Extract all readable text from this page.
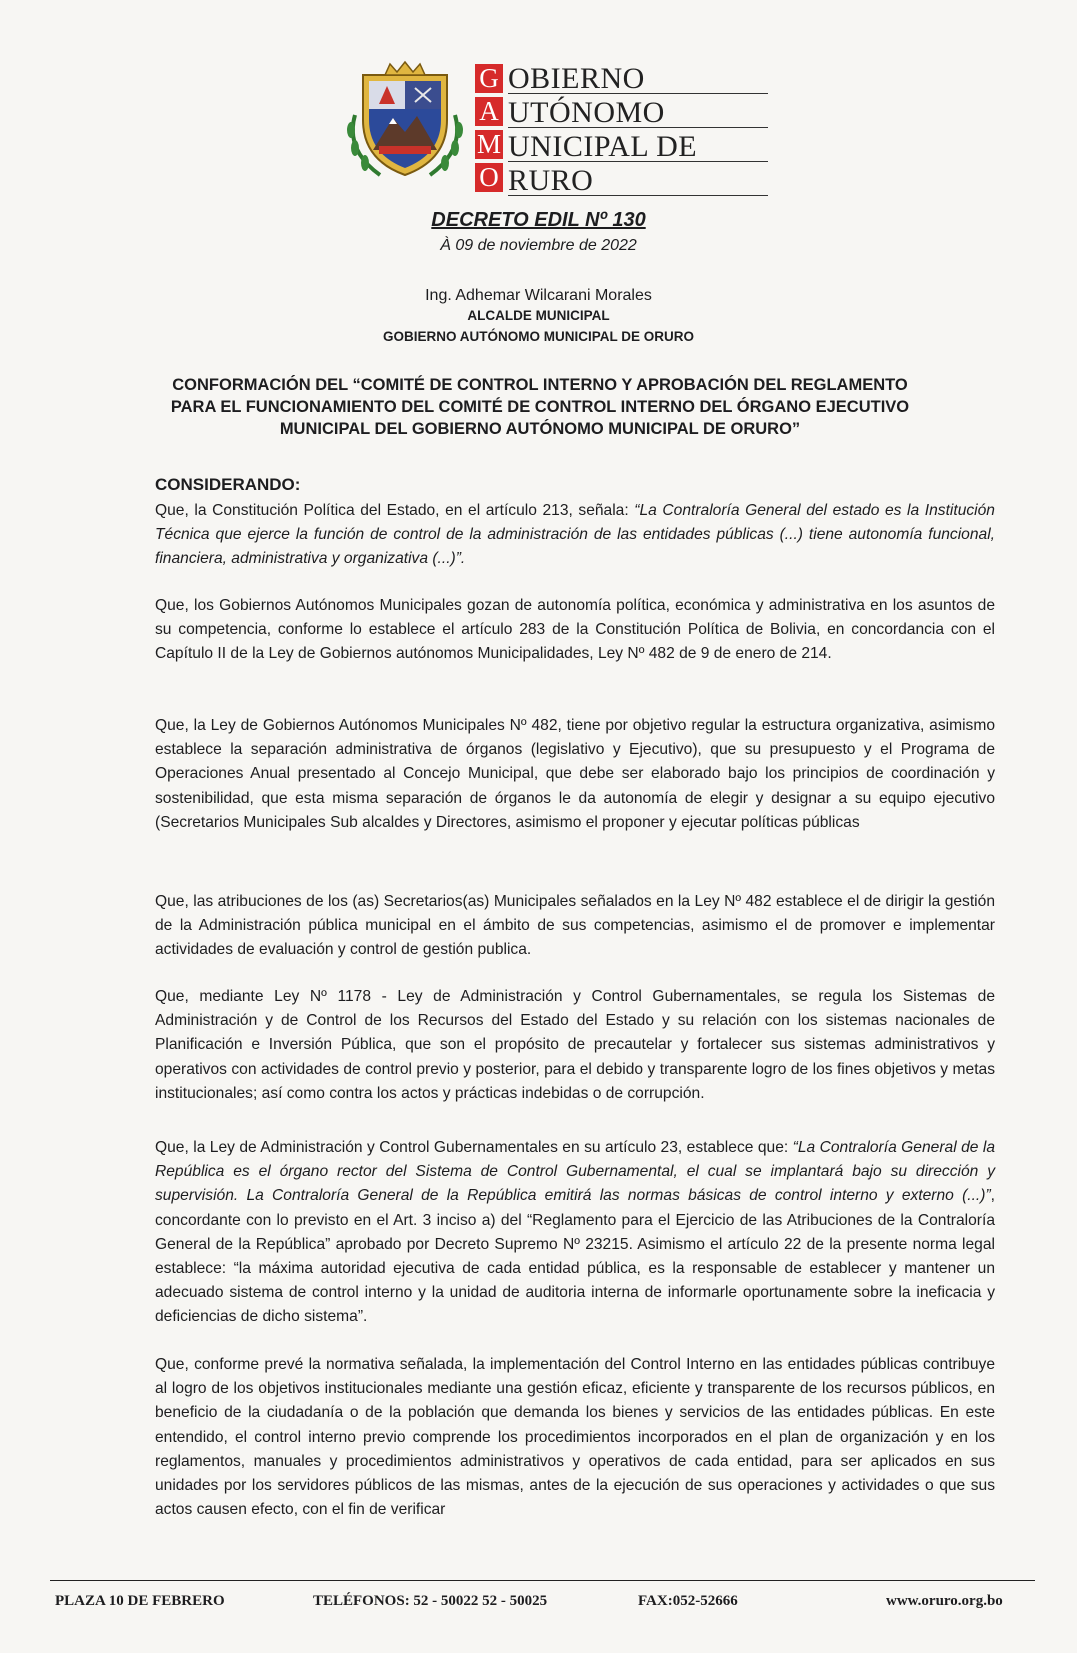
G
A
M
O
OBIERNO
UTÓNOMO
UNICIPAL DE
RURO
DECRETO EDIL Nº 130
À 09 de noviembre de 2022
Ing. Adhemar Wilcarani Morales
ALCALDE MUNICIPAL
GOBIERNO AUTÓNOMO MUNICIPAL DE ORURO
CONFORMACIÓN DEL “COMITÉ DE CONTROL INTERNO Y APROBACIÓN DEL REGLAMENTO
PARA EL FUNCIONAMIENTO DEL COMITÉ DE CONTROL INTERNO DEL ÓRGANO EJECUTIVO
MUNICIPAL DEL GOBIERNO AUTÓNOMO MUNICIPAL DE ORURO”
CONSIDERANDO:
Que, la Constitución Política del Estado, en el artículo 213, señala: “La Contraloría General del estado es la Institución Técnica que ejerce la función de control de la administración de las entidades públicas (...) tiene autonomía funcional, financiera, administrativa y organizativa (...)”.
Que, los Gobiernos Autónomos Municipales gozan de autonomía política, económica y administrativa en los asuntos de su competencia, conforme lo establece el artículo 283 de la Constitución Política de Bolivia, en concordancia con el Capítulo II de la Ley de Gobiernos autónomos Municipalidades, Ley Nº 482 de 9 de enero de 214.
Que, la Ley de Gobiernos Autónomos Municipales Nº 482, tiene por objetivo regular la estructura organizativa, asimismo establece la separación administrativa de órganos (legislativo y Ejecutivo), que su presupuesto y el Programa de Operaciones Anual presentado al Concejo Municipal, que debe ser elaborado bajo los principios de coordinación y sostenibilidad, que esta misma separación de órganos le da autonomía de elegir y designar a su equipo ejecutivo (Secretarios Municipales Sub alcaldes y Directores, asimismo el proponer y ejecutar políticas públicas
Que, las atribuciones de los (as) Secretarios(as) Municipales señalados en la Ley Nº 482 establece el de dirigir la gestión de la Administración pública municipal en el ámbito de sus competencias, asimismo el de promover e implementar actividades de evaluación y control de gestión publica.
Que, mediante Ley Nº 1178 - Ley de Administración y Control Gubernamentales, se regula los Sistemas de Administración y de Control de los Recursos del Estado del Estado y su relación con los sistemas nacionales de Planificación e Inversión Pública, que son el propósito de precautelar y fortalecer sus sistemas administrativos y operativos con actividades de control previo y posterior, para el debido y transparente logro de los fines objetivos y metas institucionales; así como contra los actos y prácticas indebidas o de corrupción.
Que, la Ley de Administración y Control Gubernamentales en su artículo 23, establece que: “La Contraloría General de la República es el órgano rector del Sistema de Control Gubernamental, el cual se implantará bajo su dirección y supervisión. La Contraloría General de la República emitirá las normas básicas de control interno y externo (...)”, concordante con lo previsto en el Art. 3 inciso a) del “Reglamento para el Ejercicio de las Atribuciones de la Contraloría General de la República” aprobado por Decreto Supremo Nº 23215. Asimismo el artículo 22 de la presente norma legal establece: “la máxima autoridad ejecutiva de cada entidad pública, es la responsable de establecer y mantener un adecuado sistema de control interno y la unidad de auditoria interna de informarle oportunamente sobre la ineficacia y deficiencias de dicho sistema”.
Que, conforme prevé la normativa señalada, la implementación del Control Interno en las entidades públicas contribuye al logro de los objetivos institucionales mediante una gestión eficaz, eficiente y transparente de los recursos públicos, en beneficio de la ciudadanía o de la población que demanda los bienes y servicios de las entidades públicas. En este entendido, el control interno previo comprende los procedimientos incorporados en el plan de organización y en los reglamentos, manuales y procedimientos administrativos y operativos de cada entidad, para ser aplicados en sus unidades por los servidores públicos de las mismas, antes de la ejecución de sus operaciones y actividades o que sus actos causen efecto, con el fin de verificar
PLAZA 10 DE FEBRERO	TELÉFONOS: 52 - 50022 52 - 50025	FAX:052-52666	www.oruro.org.bo
